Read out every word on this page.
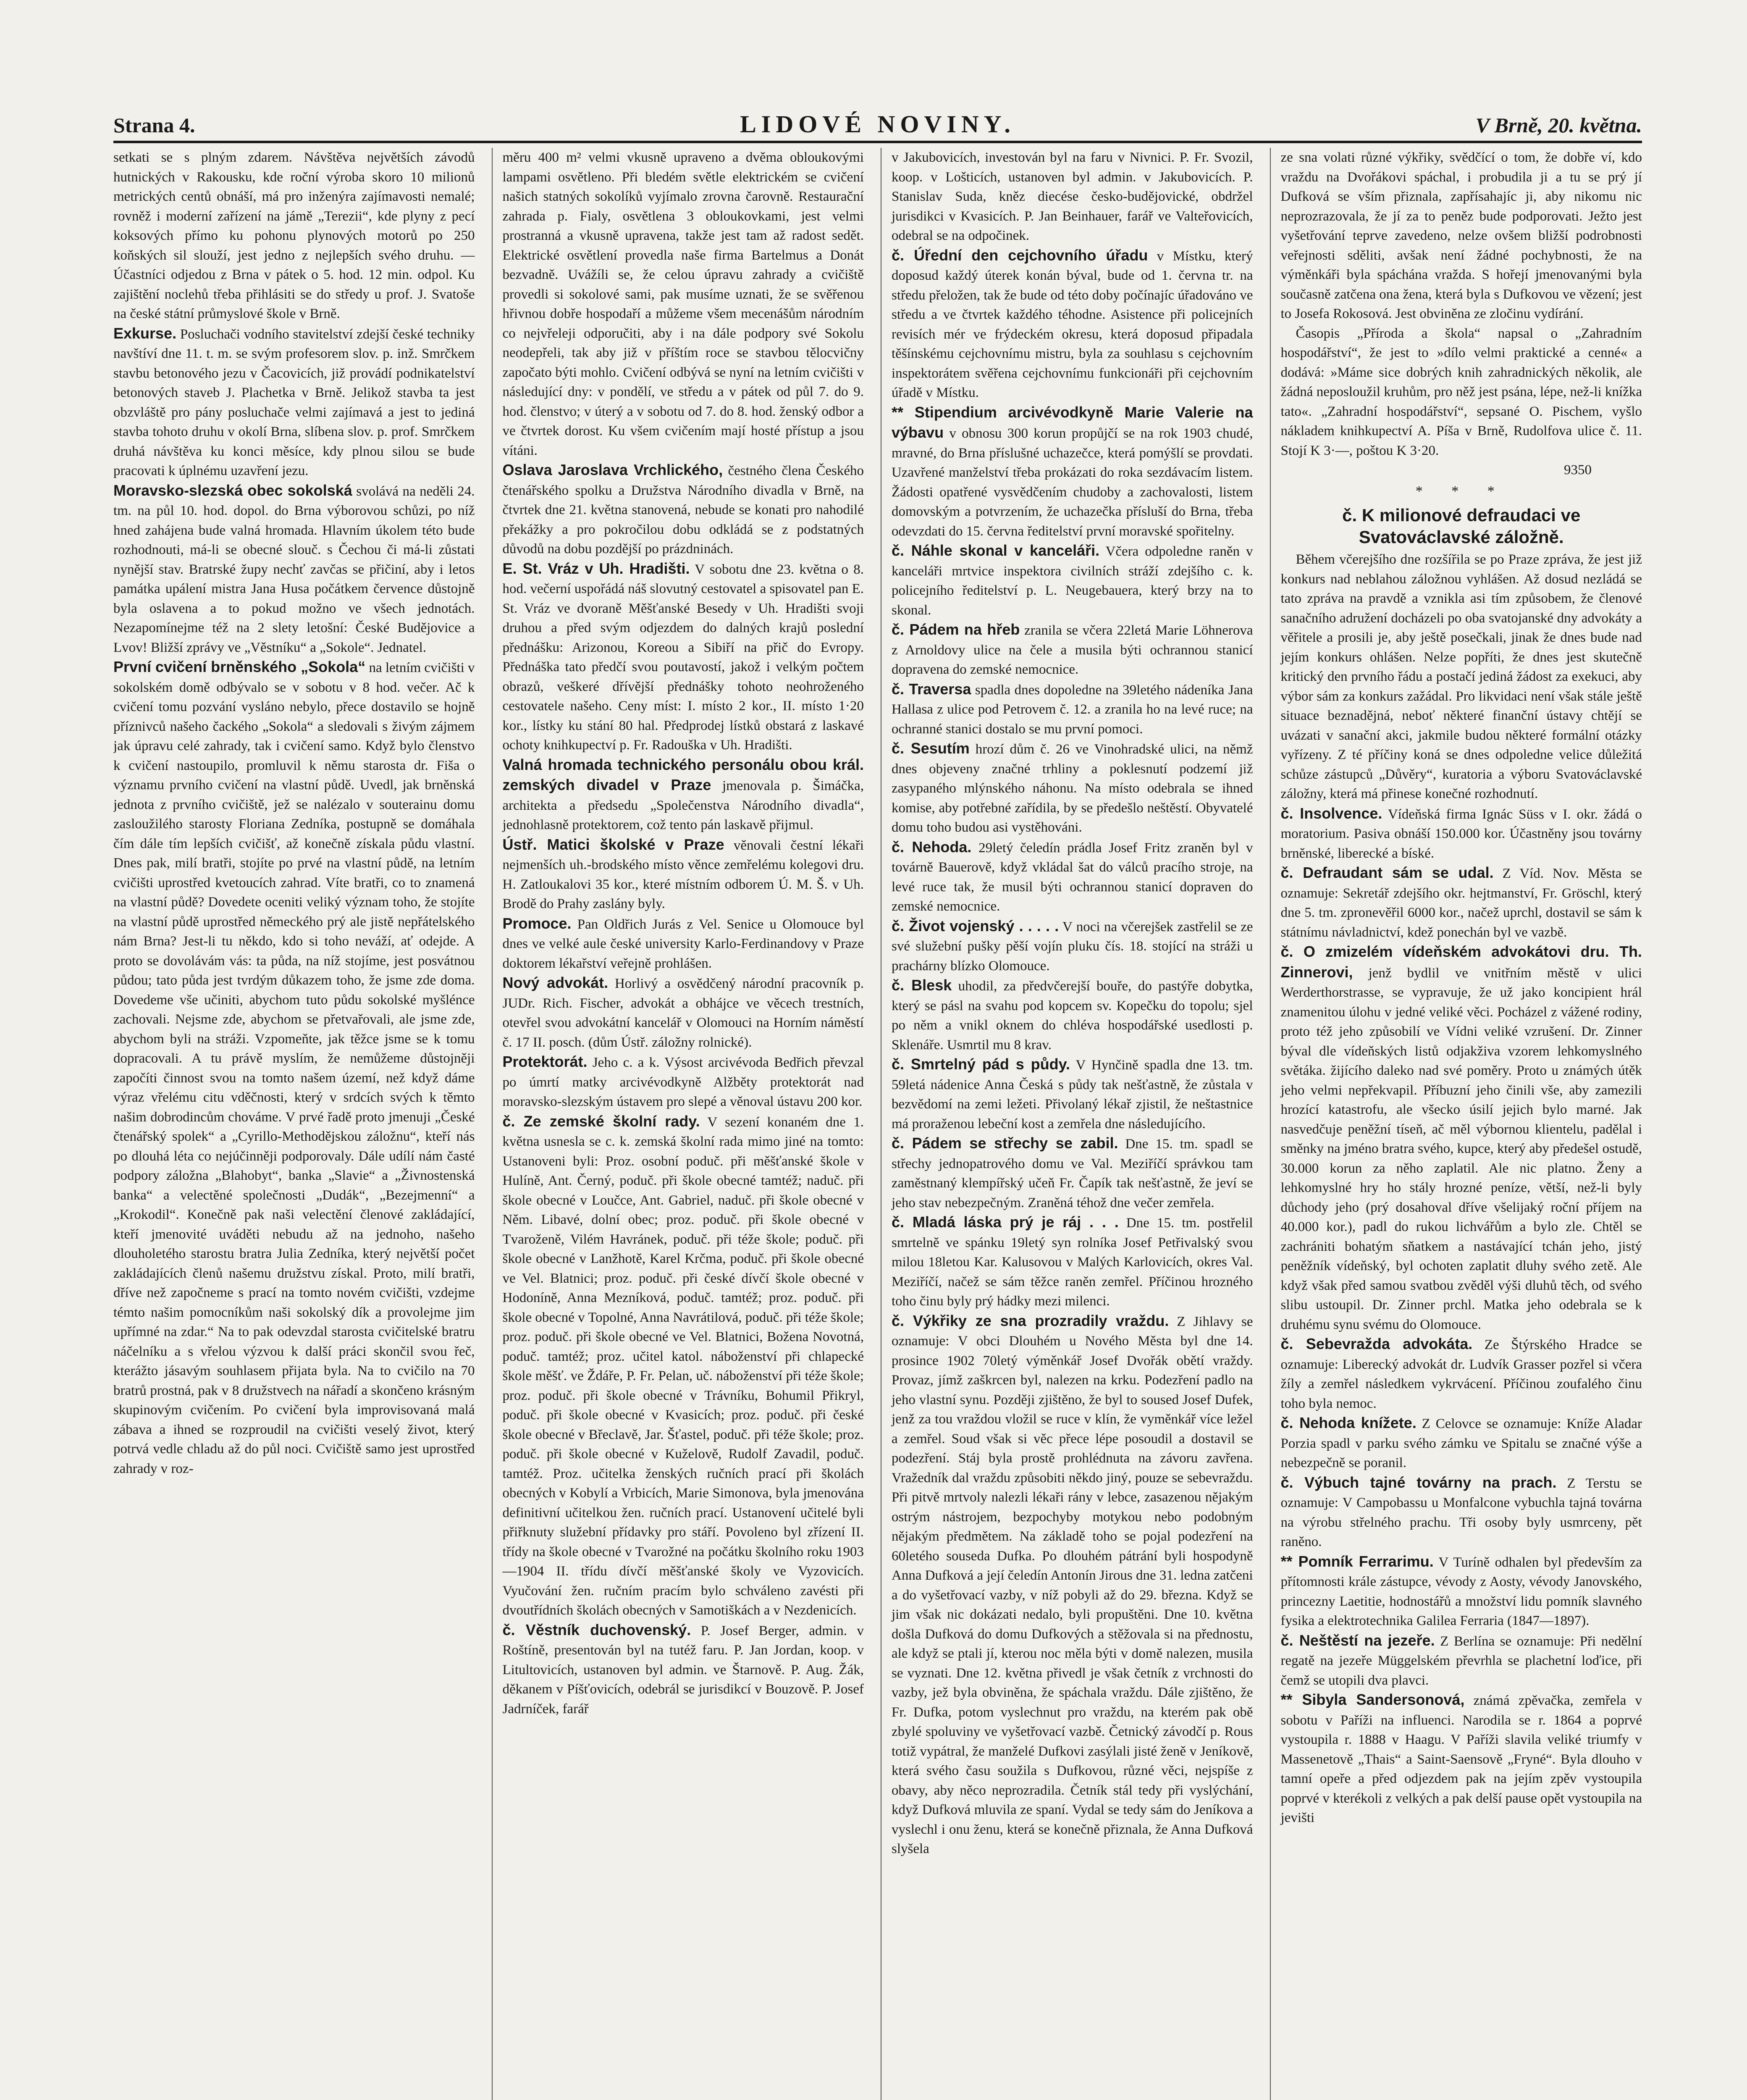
Strana 4.	LIDOVÉ NOVINY.	V Brně, 20. května.

setkati se s plným zdarem. Návštěva největších závodů hutnických v Rakousku, kde roční výroba skoro 10 milionů metrických centů obnáší, má pro inženýra zajímavosti nemalé; rovněž i moderní zařízení na jámě „Terezii“, kde plyny z pecí koksových přímo ku pohonu plynových motorů po 250 koňských sil slouží, jest jedno z nejlepších svého druhu. — Účastníci odjedou z Brna v pátek o 5. hod. 12 min. odpol. Ku zajištění noclehů třeba přihlásiti se do středy u prof. J. Svatoše na české státní průmyslové škole v Brně.

Exkurse. Posluchači vodního stavitelství zdejší české techniky navštíví dne 11. t. m. se svým profesorem slov. p. inž. Smrčkem stavbu betonového jezu v Čacovicích, již provádí podnikatelství betonových staveb J. Plachetka v Brně. Jelikož stavba ta jest obzvláště pro pány posluchače velmi zajímavá a jest to jediná stavba tohoto druhu v okolí Brna, slíbena slov. p. prof. Smrčkem druhá návštěva ku konci měsíce, kdy plnou silou se bude pracovati k úplnému uzavření jezu.

Moravsko-slezská obec sokolská svolává na neděli 24. tm. na půl 10. hod. dopol. do Brna výborovou schůzi, po níž hned zahájena bude valná hromada. Hlavním úkolem této bude rozhodnouti, má-li se obecné slouč. s Čechou či má-li zůstati nynější stav. Bratrské župy nechť zavčas se přičiní, aby i letos památka upálení mistra Jana Husa počátkem července důstojně byla oslavena a to pokud možno ve všech jednotách. Nezapomínejme též na 2 slety letošní: České Budějovice a Lvov! Bližší zprávy ve „Věstníku“ a „Sokole“. Jednatel.

První cvičení brněnského „Sokola“ na letním cvičišti v sokolském domě odbývalo se v sobotu v 8 hod. večer. Ač k cvičení tomu pozvání vysláno nebylo, přece dostavilo se hojně příznivců našeho čackého „Sokola“ a sledovali s živým zájmem jak úpravu celé zahrady, tak i cvičení samo. Když bylo členstvo k cvičení nastoupilo, promluvil k němu starosta dr. Fiša o významu prvního cvičení na vlastní půdě. Uvedl, jak brněnská jednota z prvního cvičiště, jež se nalézalo v souterainu domu zasloužilého starosty Floriana Zedníka, postupně se domáhala čím dále tím lepších cvičišť, až konečně získala půdu vlastní. Dnes pak, milí bratři, stojíte po prvé na vlastní půdě, na letním cvičišti uprostřed kvetoucích zahrad. Víte bratři, co to znamená na vlastní půdě? Dovedete oceniti veliký význam toho, že stojíte na vlastní půdě uprostřed německého prý ale jistě nepřátelského nám Brna? Jest-li tu někdo, kdo si toho neváží, ať odejde. A proto se dovolávám vás: ta půda, na níž stojíme, jest posvátnou půdou; tato půda jest tvrdým důkazem toho, že jsme zde doma. Dovedeme vše učiniti, abychom tuto půdu sokolské myšlénce zachovali. Nejsme zde, abychom se přetvařovali, ale jsme zde, abychom byli na stráži. Vzpomeňte, jak těžce jsme se k tomu dopracovali. A tu právě myslím, že nemůžeme důstojněji započíti činnost svou na tomto našem území, než když dáme výraz vřelému citu vděčnosti, který v srdcích svých k těmto našim dobrodincům chováme. V prvé řadě proto jmenuji „České čtenářský spolek“ a „Cyrillo-Methodějskou záložnu“, kteří nás po dlouhá léta co nejúčinněji podporovaly. Dále udílí nám časté podpory záložna „Blahobyt“, banka „Slavie“ a „Živnostenská banka“ a velectěné společnosti „Dudák“, „Bezejmenní“ a „Krokodil“. Konečně pak naši velectění členové zakládající, kteří jmenovité uváděti nebudu až na jednoho, našeho dlouholetého starostu bratra Julia Zedníka, který největší počet zakládajících členů našemu družstvu získal. Proto, milí bratři, dříve než započneme s prací na tomto novém cvičišti, vzdejme témto našim pomocníkům naši sokolský dík a provolejme jim upřímné na zdar.“ Na to pak odevzdal starosta cvičitelské bratru náčelníku a s vřelou výzvou k další práci skončil svou řeč, kterážto jásavým souhlasem přijata byla. Na to cvičilo na 70 bratrů prostná, pak v 8 družstvech na nářadí a skončeno krásným skupinovým cvičením. Po cvičení byla improvisovaná malá zábava a ihned se rozproudil na cvičišti veselý život, který potrvá vedle chladu až do půl noci. Cvičiště samo jest uprostřed zahrady v roz-

měru 400 m² velmi vkusně upraveno a dvěma obloukovými lampami osvětleno. Při bledém světle elektrickém se cvičení našich statných sokolíků vyjímalo zrovna čarovně. Restaurační zahrada p. Fialy, osvětlena 3 obloukovkami, jest velmi prostranná a vkusně upravena, takže jest tam až radost sedět. Elektrické osvětlení provedla naše firma Bartelmus a Donát bezvadně. Uvážíli se, že celou úpravu zahrady a cvičiště provedli si sokolové sami, pak musíme uznati, že se svěřenou hřivnou dobře hospodaří a můžeme všem mecenášům národním co nejvřeleji odporučiti, aby i na dále podpory své Sokolu neodepřeli, tak aby již v příštím roce se stavbou tělocvičny započato býti mohlo. Cvičení odbývá se nyní na letním cvičišti v následující dny: v pondělí, ve středu a v pátek od půl 7. do 9. hod. členstvo; v úterý a v sobotu od 7. do 8. hod. ženský odbor a ve čtvrtek dorost. Ku všem cvičením mají hosté přístup a jsou vítáni.

Oslava Jaroslava Vrchlického, čestného člena Českého čtenářského spolku a Družstva Národního divadla v Brně, na čtvrtek dne 21. května stanovená, nebude se konati pro nahodilé překážky a pro pokročilou dobu odkládá se z podstatných důvodů na dobu pozdější po prázdninách.

E. St. Vráz v Uh. Hradišti. V sobotu dne 23. května o 8. hod. večerní uspořádá náš slovutný cestovatel a spisovatel pan E. St. Vráz ve dvoraně Měšťanské Besedy v Uh. Hradišti svoji druhou a před svým odjezdem do dalných krajů poslední přednášku: Arizonou, Koreou a Sibiří na přič do Evropy. Přednáška tato předčí svou poutavostí, jakož i velkým počtem obrazů, veškeré dřívější přednášky tohoto neohroženého cestovatele našeho. Ceny míst: I. místo 2 kor., II. místo 1·20 kor., lístky ku stání 80 hal. Předprodej lístků obstará z laskavé ochoty knihkupectví p. Fr. Radouška v Uh. Hradišti.

Valná hromada technického personálu obou král. zemských divadel v Praze jmenovala p. Šimáčka, architekta a předsedu „Společenstva Národního divadla“, jednohlasně protektorem, což tento pán laskavě přijmul.

Ústř. Matici školské v Praze věnovali čestní lékaři nejmenších uh.-brodského místo věnce zemřelému kolegovi dru. H. Zatloukalovi 35 kor., které místním odborem Ú. M. Š. v Uh. Brodě do Prahy zaslány byly.

Promoce. Pan Oldřich Jurás z Vel. Senice u Olomouce byl dnes ve velké aule české university Karlo-Ferdinandovy v Praze doktorem lékařství veřejně prohlášen.

Nový advokát. Horlivý a osvědčený národní pracovník p. JUDr. Rich. Fischer, advokát a obhájce ve věcech trestních, otevřel svou advokátní kancelář v Olomouci na Horním náměstí č. 17 II. posch. (dům Ústř. záložny rolnické).

Protektorát. Jeho c. a k. Výsost arcivévoda Bedřich převzal po úmrtí matky arcivévodkyně Alžběty protektorát nad moravsko-slezským ústavem pro slepé a věnoval ústavu 200 kor.

č. Ze zemské školní rady. V sezení konaném dne 1. května usnesla se c. k. zemská školní rada mimo jiné na tomto: Ustanoveni byli: Proz. osobní poduč. při měšťanské škole v Hulíně, Ant. Černý, poduč. při škole obecné tamtéž; naduč. při škole obecné v Loučce, Ant. Gabriel, naduč. při škole obecné v Něm. Libavé, dolní obec; proz. poduč. při škole obecné v Tvaroženě, Vilém Havránek, poduč. při téže škole; poduč. při škole obecné v Lanžhotě, Karel Krčma, poduč. při škole obecné ve Vel. Blatnici; proz. poduč. při české dívčí škole obecné v Hodoníně, Anna Mezníková, poduč. tamtéž; proz. poduč. při škole obecné v Topolné, Anna Navrátilová, poduč. při téže škole; proz. poduč. při škole obecné ve Vel. Blatnici, Božena Novotná, poduč. tamtéž; proz. učitel katol. náboženství při chlapecké škole měšť. ve Ždáře, P. Fr. Pelan, uč. náboženství při téže škole; proz. poduč. při škole obecné v Trávníku, Bohumil Přikryl, poduč. při škole obecné v Kvasicích; proz. poduč. při české škole obecné v Břeclavě, Jar. Šťastel, poduč. při téže škole; proz. poduč. při škole obecné v Kuželově, Rudolf Zavadil, poduč. tamtéž. Proz. učitelka ženských ručních prací při školách obecných v Kobylí a Vrbicích, Marie Simonova, byla jmenována definitivní učitelkou žen. ručních prací. Ustanovení učitelé byli přiřknuty služební přídavky pro stáří. Povoleno byl zřízení II. třídy na škole obecné v Tvarožné na počátku školního roku 1903—1904 II. třídu dívčí měšťanské školy ve Vyzovicích. Vyučování žen. ručním pracím bylo schváleno zavésti při dvoutřídních školách obecných v Samotiškách a v Nezdenicích.

č. Věstník duchovenský. P. Josef Berger, admin. v Roštíně, presentován byl na tutéž faru. P. Jan Jordan, koop. v Litultovicích, ustanoven byl admin. ve Štarnově. P. Aug. Žák, děkanem v Píšťovicích, odebrál se jurisdikcí v Bouzově. P. Josef Jadrníček, farář

v Jakubovicích, investován byl na faru v Nivnici. P. Fr. Svozil, koop. v Lošticích, ustanoven byl admin. v Jakubovicích. P. Stanislav Suda, kněz diecése česko-budějovické, obdržel jurisdikci v Kvasicích. P. Jan Beinhauer, farář ve Valteřovicích, odebral se na odpočinek.

č. Úřední den cejchovního úřadu v Místku, který doposud každý úterek konán býval, bude od 1. června tr. na středu přeložen, tak že bude od této doby počínajíc úřadováno ve středu a ve čtvrtek každého téhodne. Asistence při policejních revisích mér ve frýdeckém okresu, která doposud připadala těšínskému cejchovnímu mistru, byla za souhlasu s cejchovním inspektorátem svěřena cejchovnímu funkcionáři při cejchovním úřadě v Místku.

** Stipendium arcivévodkyně Marie Valerie na výbavu v obnosu 300 korun propůjčí se na rok 1903 chudé, mravné, do Brna příslušné uchazečce, která pomýšlí se provdati. Uzavřené manželství třeba prokázati do roka sezdávacím listem. Žádosti opatřené vysvědčením chudoby a zachovalosti, listem domovským a potvrzením, že uchazečka přísluší do Brna, třeba odevzdati do 15. června ředitelství první moravské spořitelny.

č. Náhle skonal v kanceláři. Včera odpoledne raněn v kanceláři mrtvice inspektora civilních stráží zdejšího c. k. policejního ředitelství p. L. Neugebauera, který brzy na to skonal.

č. Pádem na hřeb zranila se včera 22letá Marie Löhnerova z Arnoldovy ulice na čele a musila býti ochrannou stanicí dopravena do zemské nemocnice.

č. Traversa spadla dnes dopoledne na 39letého nádeníka Jana Hallasa z ulice pod Petrovem č. 12. a zranila ho na levé ruce; na ochranné stanici dostalo se mu první pomoci.

č. Sesutím hrozí dům č. 26 ve Vinohradské ulici, na němž dnes objeveny značné trhliny a poklesnutí podzemí již zasypaného mlýnského náhonu. Na místo odebrala se ihned komise, aby potřebné zařídila, by se předešlo neštěstí. Obyvatelé domu toho budou asi vystěhováni.

č. Nehoda. 29letý čeledín prádla Josef Fritz zraněn byl v továrně Bauerově, když vkládal šat do válců pracího stroje, na levé ruce tak, že musil býti ochrannou stanicí dopraven do zemské nemocnice.

č. Život vojenský . . . . . V noci na včerejšek zastřelil se ze své služební pušky pěší vojín pluku čís. 18. stojící na stráži u prachárny blízko Olomouce.

č. Blesk uhodil, za předvčerejší bouře, do pastýře dobytka, který se pásl na svahu pod kopcem sv. Kopečku do topolu; sjel po něm a vnikl oknem do chléva hospodářské usedlosti p. Sklenáře. Usmrtil mu 8 krav.

č. Smrtelný pád s půdy. V Hynčině spadla dne 13. tm. 59letá nádenice Anna Česká s půdy tak nešťastně, že zůstala v bezvědomí na zemi ležeti. Přivolaný lékař zjistil, že neštastnice má proraženou lebeční kost a zemřela dne následujícího.

č. Pádem se střechy se zabil. Dne 15. tm. spadl se střechy jednopatrového domu ve Val. Meziříčí správkou tam zaměstnaný klempířský učeň Fr. Čapík tak nešťastně, že jeví se jeho stav nebezpečným. Zraněná téhož dne večer zemřela.

č. Mladá láska prý je ráj . . . Dne 15. tm. postřelil smrtelně ve spánku 19letý syn rolníka Josef Petřivalský svou milou 18letou Kar. Kalusovou v Malých Karlovicích, okres Val. Meziříčí, načež se sám těžce raněn zemřel. Příčinou hrozného toho činu byly prý hádky mezi milenci.

č. Výkřiky ze sna prozradily vraždu. Z Jihlavy se oznamuje: V obci Dlouhém u Nového Města byl dne 14. prosince 1902 70letý výměnkář Josef Dvořák obětí vraždy. Provaz, jímž zaškrcen byl, nalezen na krku. Podezření padlo na jeho vlastní synu. Později zjištěno, že byl to soused Josef Dufek, jenž za tou vraždou vložil se ruce v klín, že vyměnkář více ležel a zemřel. Soud však si věc přece lépe posoudil a dostavil se podezření. Stáj byla prostě prohlédnuta na závoru zavřena. Vražedník dal vraždu způsobiti někdo jiný, pouze se sebevraždu. Při pitvě mrtvoly nalezli lékaři rány v lebce, zasazenou nějakým ostrým nástrojem, bezpochyby motykou nebo podobným nějakým předmětem. Na základě toho se pojal podezření na 60letého souseda Dufka. Po dlouhém pátrání byli hospodyně Anna Dufková a její čeledín Antonín Jirous dne 31. ledna zatčeni a do vyšetřovací vazby, v níž pobyli až do 29. března. Když se jim však nic dokázati nedalo, byli propuštěni. Dne 10. května došla Dufková do domu Dufkových a stěžovala si na přednostu, ale když se ptali jí, kterou noc měla býti v domě nalezen, musila se vyznati. Dne 12. května přivedl je však četník z vrchnosti do vazby, jež byla obviněna, že spáchala vraždu. Dále zjištěno, že Fr. Dufka, potom vyslechnut pro vraždu, na kterém pak obě zbylé spoluviny ve vyšetřovací vazbě. Četnický závodčí p. Rous totiž vypátral, že manželé Dufkovi zasýlali jisté ženě v Jeníkově, která svého času soužila s Dufkovou, různé věci, nejspíše z obavy, aby něco neprozradila. Četník stál tedy při vyslýchání, když Dufková mluvila ze spaní. Vydal se tedy sám do Jeníkova a vyslechl i onu ženu, která se konečně přiznala, že Anna Dufková slyšela

ze sna volati různé výkřiky, svědčící o tom, že dobře ví, kdo vraždu na Dvořákovi spáchal, i probudila ji a tu se prý jí Dufková se vším přiznala, zapřísahajíc ji, aby nikomu nic neprozrazovala, že jí za to peněz bude podporovati. Ježto jest vyšetřování teprve zavedeno, nelze ovšem bližší podrobnosti veřejnosti sděliti, avšak není žádné pochybnosti, že na výměnkáři byla spáchána vražda. S hořejí jmenovanými byla současně zatčena ona žena, která byla s Dufkovou ve vězení; jest to Josefa Rokosová. Jest obviněna ze zločinu vydírání.

Časopis „Příroda a škola“ napsal o „Zahradním hospodářství“, že jest to »dílo velmi praktické a cenné« a dodává: »Máme sice dobrých knih zahradnických několik, ale žádná neposloužil kruhům, pro něž jest psána, lépe, než-li knížka tato«. „Zahradní hospodářství“, sepsané O. Pischem, vyšlo nákladem knihkupectví A. Píša v Brně, Rudolfova ulice č. 11. Stojí K 3·—, poštou K 3·20.

9350
* * *
č. K milionové defraudaci ve Svatováclavské záložně.

Během včerejšího dne rozšířila se po Praze zpráva, že jest již konkurs nad neblahou záložnou vyhlášen. Až dosud nezládá se tato zpráva na pravdě a vznikla asi tím způsobem, že členové sanačního adružení docházeli po oba svatojanské dny advokáty a věřitele a prosili je, aby ještě posečkali, jinak že dnes bude nad jejím konkurs ohlášen. Nelze popříti, že dnes jest skutečně kritický den prvního řádu a postačí jediná žádost za exekuci, aby výbor sám za konkurs zažádal. Pro likvidaci není však stále ještě situace beznadějná, neboť některé finanční ústavy chtějí se uvázati v sanační akci, jakmile budou některé formální otázky vyřízeny. Z té příčiny koná se dnes odpoledne velice důležitá schůze zástupců „Důvěry“, kuratoria a výboru Svatováclavské záložny, která má přinese konečné rozhodnutí.

č. Insolvence. Vídeňská firma Ignác Süss v I. okr. žádá o moratorium. Pasiva obnáší 150.000 kor. Účastněny jsou továrny brněnské, liberecké a bíské.

č. Defraudant sám se udal. Z Víd. Nov. Města se oznamuje: Sekretář zdejšího okr. hejtmanství, Fr. Gröschl, který dne 5. tm. zpronevěřil 6000 kor., načež uprchl, dostavil se sám k státnímu návladnictví, kdež ponechán byl ve vazbě.

č. O zmizelém vídeňském advokátovi dru. Th. Zinnerovi, jenž bydlil ve vnitřním městě v ulici Werderthorstrasse, se vypravuje, že už jako koncipient hrál znamenitou úlohu v jedné veliké věci. Pocházel z vážené rodiny, proto též jeho způsobilí ve Vídni veliké vzrušení. Dr. Zinner býval dle vídeňských listů odjakživa vzorem lehkomyslného světáka. žijícího daleko nad své poměry. Proto u známých útěk jeho velmi nepřekvapil. Příbuzní jeho činili vše, aby zamezili hrozící katastrofu, ale všecko úsilí jejich bylo marné. Jak nasvedčuje peněžní tíseň, ač měl výbornou klientelu, padělal i směnky na jméno bratra svého, kupce, který aby předešel ostudě, 30.000 korun za něho zaplatil. Ale nic platno. Ženy a lehkomyslné hry ho stály hrozné peníze, větší, než-li byly důchody jeho (prý dosahoval dříve všelijaký roční příjem na 40.000 kor.), padl do rukou lichvářům a bylo zle. Chtěl se zachrániti bohatým sňatkem a nastávající tchán jeho, jistý peněžník vídeňský, byl ochoten zaplatit dluhy svého zetě. Ale když však před samou svatbou zvěděl výši dluhů těch, od svého slibu ustoupil. Dr. Zinner prchl. Matka jeho odebrala se k druhému synu svému do Olomouce.

č. Sebevražda advokáta. Ze Štýrského Hradce se oznamuje: Liberecký advokát dr. Ludvík Grasser pozřel si včera žíly a zemřel následkem vykrvácení. Příčinou zoufalého činu toho byla nemoc.

č. Nehoda knížete. Z Celovce se oznamuje: Kníže Aladar Porzia spadl v parku svého zámku ve Spitalu se značné výše a nebezpečně se poranil.

č. Výbuch tajné továrny na prach. Z Terstu se oznamuje: V Campobassu u Monfalcone vybuchla tajná továrna na výrobu střelného prachu. Tři osoby byly usmrceny, pět raněno.

** Pomník Ferrarimu. V Turíně odhalen byl především za přítomnosti krále zástupce, vévody z Aosty, vévody Janovského, princezny Laetitie, hodnostářů a množství lidu pomník slavného fysika a elektrotechnika Galilea Ferraria (1847—1897).

č. Neštěstí na jezeře. Z Berlína se oznamuje: Při nedělní regatě na jezeře Müggelském převrhla se plachetní loďice, při čemž se utopili dva plavci.

** Sibyla Sandersonová, známá zpěvačka, zemřela v sobotu v Paříži na influenci. Narodila se r. 1864 a poprvé vystoupila r. 1888 v Haagu. V Paříži slavila veliké triumfy v Massenetově „Thais“ a Saint-Saensově „Fryné“. Byla dlouho v tamní opeře a před odjezdem pak na jejím zpěv vystoupila poprvé v kterékoli z velkých a pak delší pause opět vystoupila na jevišti
